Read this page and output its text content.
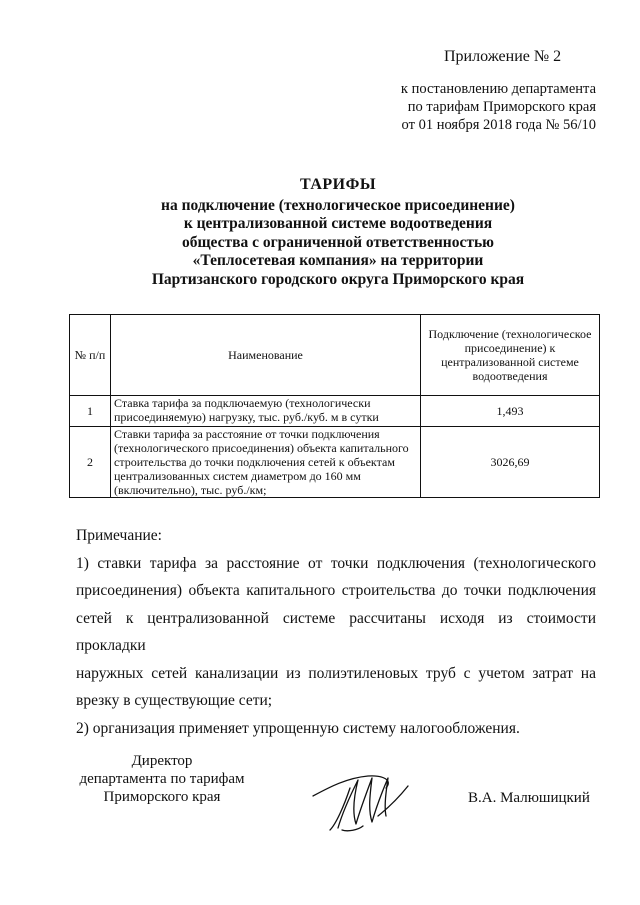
Приложение № 2
к постановлению департамента
по тарифам Приморского края
от 01 ноября 2018 года № 56/10
ТАРИФЫ
на подключение (технологическое присоединение)
к централизованной системе водоотведения
общества с ограниченной ответственностью
«Теплосетевая компания» на территории
Партизанского городского округа Приморского края
№ п/п	Наименование	Подключение (технологическое присоединение) к централизованной системе водоотведения
1	Ставка тарифа за подключаемую (технологически присоединяемую) нагрузку, тыс. руб./куб. м в сутки	1,493
2	Ставки тарифа за расстояние от точки подключения (технологического присоединения) объекта капитального строительства до точки подключения сетей к объектам централизованных систем диаметром до 160 мм (включительно), тыс. руб./км;	3026,69
Примечание:
1) ставки тарифа за расстояние от точки подключения (технологического
присоединения) объекта капитального строительства до точки подключения
сетей к централизованной системе рассчитаны исходя из стоимости прокладки
наружных сетей канализации из полиэтиленовых труб с учетом затрат на
врезку в существующие сети;
2) организация применяет упрощенную систему налогообложения.
Директор
департамента по тарифам
Приморского края	В.А. Малюшицкий
